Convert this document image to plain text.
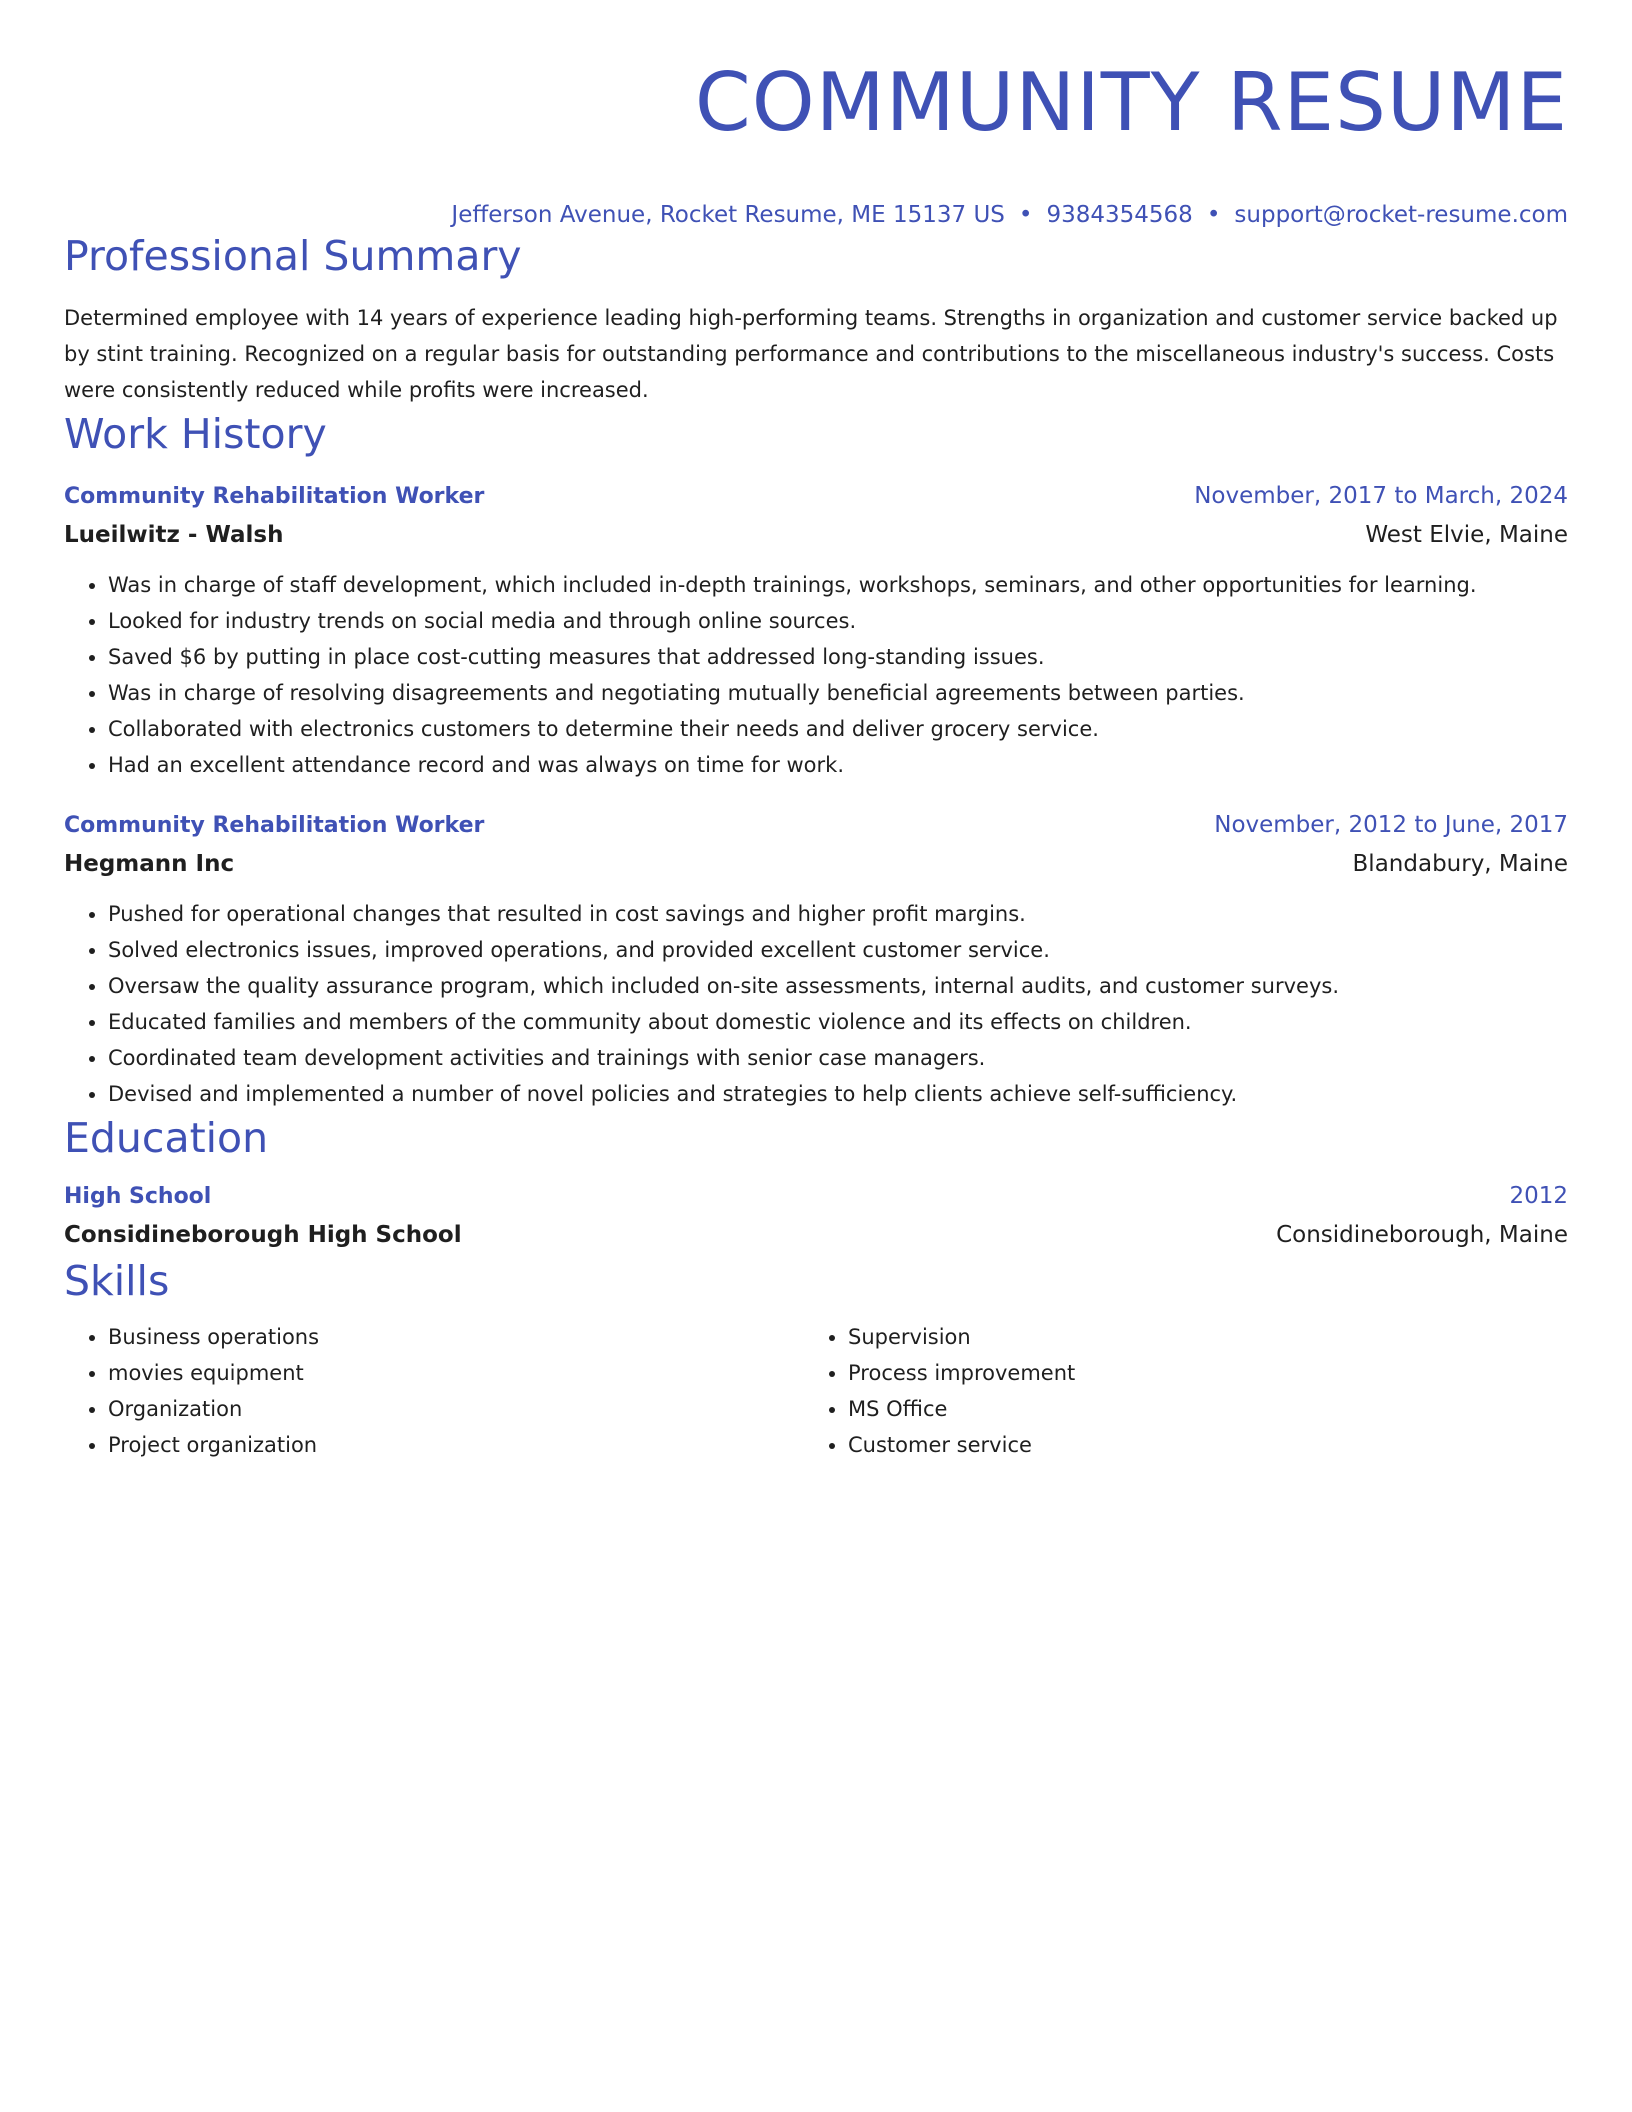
COMMUNITY RESUME
Jefferson Avenue, Rocket Resume, ME 15137 US • 9384354568 • support@rocket-resume.com
Professional Summary
Determined employee with 14 years of experience leading high-performing teams. Strengths in organization and customer service backed up by stint training. Recognized on a regular basis for outstanding performance and contributions to the miscellaneous industry's success. Costs were consistently reduced while profits were increased.
Work History
Community Rehabilitation Worker	November, 2017 to March, 2024
Lueilwitz - Walsh	West Elvie, Maine
• Was in charge of staff development, which included in-depth trainings, workshops, seminars, and other opportunities for learning.
• Looked for industry trends on social media and through online sources.
• Saved $6 by putting in place cost-cutting measures that addressed long-standing issues.
• Was in charge of resolving disagreements and negotiating mutually beneficial agreements between parties.
• Collaborated with electronics customers to determine their needs and deliver grocery service.
• Had an excellent attendance record and was always on time for work.
Community Rehabilitation Worker	November, 2012 to June, 2017
Hegmann Inc	Blandabury, Maine
• Pushed for operational changes that resulted in cost savings and higher profit margins.
• Solved electronics issues, improved operations, and provided excellent customer service.
• Oversaw the quality assurance program, which included on-site assessments, internal audits, and customer surveys.
• Educated families and members of the community about domestic violence and its effects on children.
• Coordinated team development activities and trainings with senior case managers.
• Devised and implemented a number of novel policies and strategies to help clients achieve self-sufficiency.
Education
High School	2012
Considineborough High School	Considineborough, Maine
Skills
• Business operations
• movies equipment
• Organization
• Project organization
• Supervision
• Process improvement
• MS Office
• Customer service
